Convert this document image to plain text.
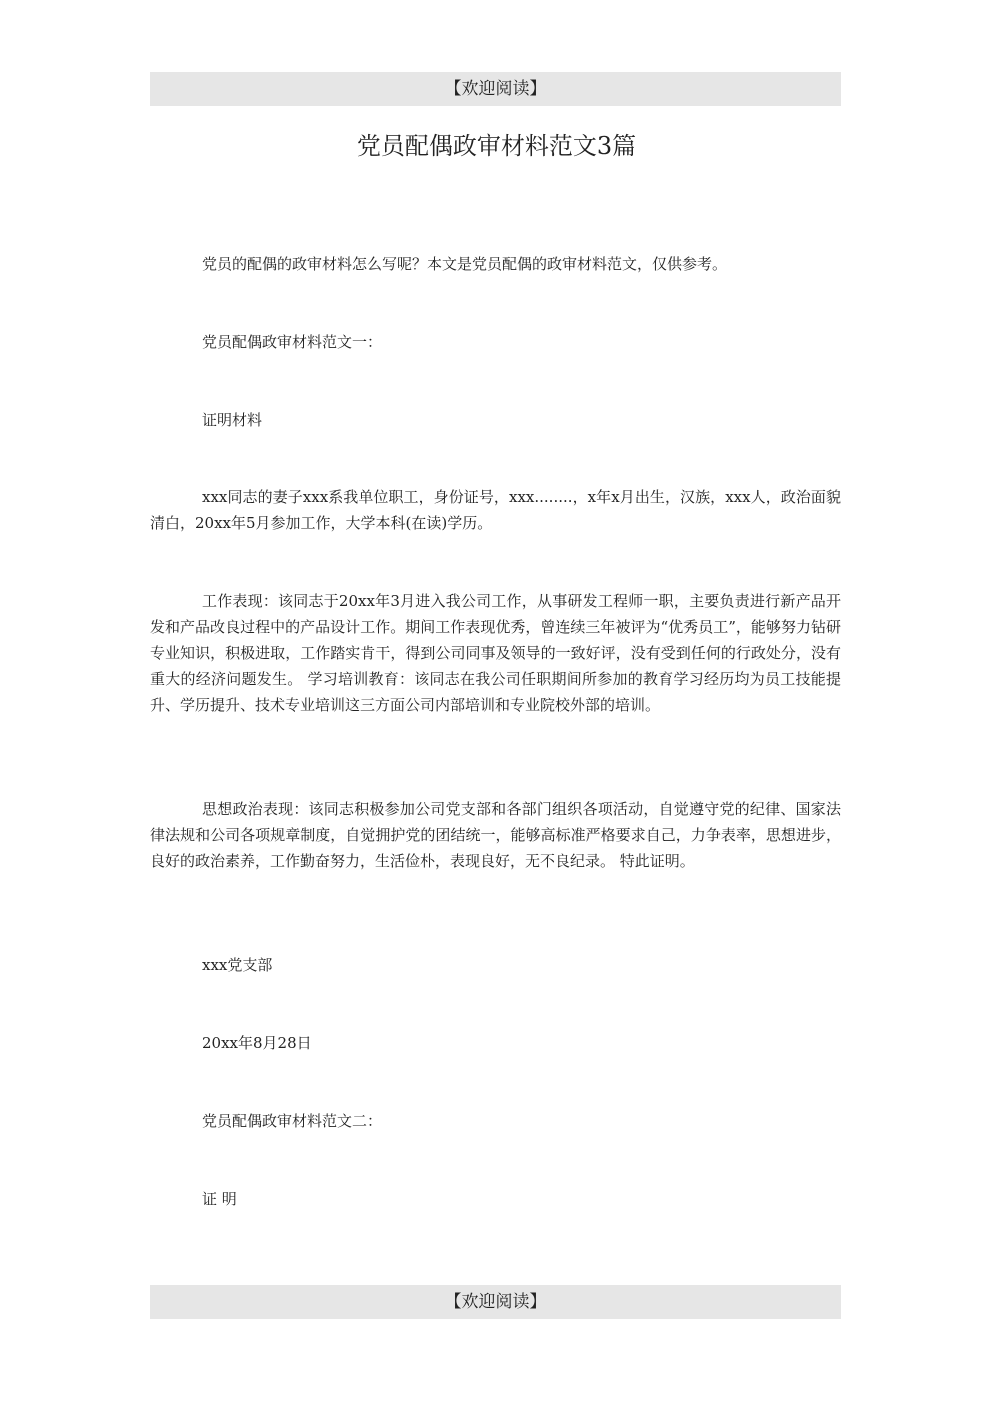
【欢迎阅读】
党员配偶政审材料范文3篇

党员的配偶的政审材料怎么写呢？本文是党员配偶的政审材料范文，仅供参考。

党员配偶政审材料范文一：

证明材料

xxx同志的妻子xxx系我单位职工，身份证号，xxx........，x年x月出生，汉族，xxx人，政治面貌清白，20xx年5月参加工作，大学本科(在读)学历。

工作表现：该同志于20xx年3月进入我公司工作，从事研发工程师一职，主要负责进行新产品开发和产品改良过程中的产品设计工作。期间工作表现优秀，曾连续三年被评为“优秀员工”，能够努力钻研专业知识，积极进取，工作踏实肯干，得到公司同事及领导的一致好评，没有受到任何的行政处分，没有重大的经济问题发生。 学习培训教育：该同志在我公司任职期间所参加的教育学习经历均为员工技能提升、学历提升、技术专业培训这三方面公司内部培训和专业院校外部的培训。

思想政治表现：该同志积极参加公司党支部和各部门组织各项活动，自觉遵守党的纪律、国家法律法规和公司各项规章制度，自觉拥护党的团结统一，能够高标准严格要求自己，力争表率，思想进步，良好的政治素养，工作勤奋努力，生活俭朴，表现良好，无不良纪录。 特此证明。

xxx党支部

20xx年8月28日

党员配偶政审材料范文二：

证 明

【欢迎阅读】
